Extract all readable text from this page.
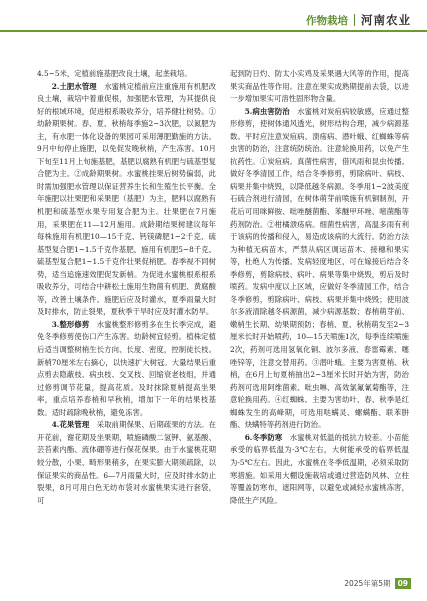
作物栽培 河南农业

4.5~5米，定植前施基肥改良土壤，起垄栽培。

2.土肥水管理　水蜜桃定植前应注重施用有机肥改良土壤，栽培中着重促根，加强肥水管理，为其提供良好的根域环境，促进根系吸收养分，培养健壮树势。①幼龄期果树。春、夏、秋梢每季施2~3次肥，以氮肥为主，有水肥一体化设备的果园可采用薄肥勤施的方法。9月中旬停止施肥，以免促发晚秋梢，产生冻害。10月下旬至11月上旬施基肥，基肥以腐熟有机肥与硫基型复合肥为主。②成龄期果树。水蜜桃挂果后树势偏弱，此时需加强肥水管理以保证营养生长和生殖生长平衡。全年施肥以壮果肥和采果肥（基肥）为主，肥料以腐熟有机肥和硫基型水果专用复合肥为主。壮果肥在7月施用，采果肥在11—12月施用。成龄期结果树建议每年每株施用有机肥10—15千克、钙镁磷肥1~2千克、硫基型复合肥1~1.5千克作基肥，施用有机肥5~8千克、硫基型复合肥1~1.5千克作壮果促梢肥。春季视不同树势，适当追施速效肥促发新梢。为促进水蜜桃根系根系吸收养分，可结合中耕松土施用生物菌有机肥、黄腐酸等，改善土壤条件。施肥后应及时灌水，夏季雨量大时及时排水，防止裂果，夏秋季干旱时应及时灌水防旱。

3.整形修剪　水蜜桃整形修剪多在生长季完成，避免冬季修剪使伤口产生冻害。幼龄树宜轻剪。植株定植后适当调整树梢生长方向、长度、密度，控制徒长枝。新梢70厘米左右摘心，以快速扩大树冠。大量结果后重点剪去隐蔽枝、病虫枝、交叉枝、回缩衰老枝组，并通过修剪调节花量，提高花质。及时抹除夏梢提高坐果率，重点培养春梢和早秋梢，增加下一年的结果枝基数。适时疏除晚秋梢，避免冻害。

4.花果管理　采取前期保果、后期疏果的方法。在开花前，谢花期及坐果期，喷施磷酸二氢钾、氨基酸、芸苔素内酯、流体硼等进行保花保果。由于水蜜桃花期较分散，小果、畸形果稍多，在果实膨大期须疏除，以保证果实的商品性。6—7月雨量大时，应及时排水防止裂果，8月可用白色无纺布袋对水蜜桃果实进行套袋，可

起到防日灼、防太小实鸡及采果遇大风等的作用，提高果实商品性等作用。注意在果实成熟期提前去袋，以进一步增加果实可溶性固形物含量。

5.病虫害防治　水蜜桃对炭疽病较敏感，应通过整形修剪，使树体通风透光，树形结构合理，减少病源基数。平时应注意炭疽病、溃疡病、潜叶蛾、红蜘蛛等病虫害的防治，注意统防统治。注意轮换用药，以免产生抗药性。①炭疽病。真菌性病害，借风雨和昆虫传播。做好冬季清园工作，结合冬季修剪，剪除病叶、病枝、病果并集中烧毁，以降低越冬病源。冬季用1~2波美度石硫合剂进行清园，在树体萌芽前喷施有机铜制剂，开花后可用咪鲜胺、吡唑醚菌酯、苯醚甲环唑、嘧菌酯等药剂防治。②柑橘溃疡病。细菌性病害，高温多雨有利于该病的传播和侵入，易造成该病的大流行。防治方法为种植无病苗木，严禁从病区调运苗木、接穗和果实等，杜绝人为传播。发病轻度地区，可在嫁接后结合冬季修剪，剪除病枝、病叶、病果等集中烧毁，剪后及时喷药。发病中度以上区域，应做好冬季清园工作，结合冬季修剪，剪除病叶、病枝、病果并集中烧毁；使用波尔多液清除越冬病源菌，减少病源基数；春梢萌芽前、嫩梢生长期、幼果期预防；春梢、夏、秋梢萌发至2~3厘米长时开始喷药，10—15天喷施1次，每季连续喷施2次，药剂可选用氢氧化铜、波尔多液、春雷霉素、噻唑锌等，注意交替用药。③潜叶蛾。主要为害夏梢、秋梢，在6月上旬夏梢抽出2~3厘米长时开始为害，防治药剂可选用阿维菌素、吡虫啉、高效氯氟氰菊酯等，注意轮换用药。④红蜘蛛。主要为害幼叶、春、秋季是红蜘蛛发生的高峰期，可选用哒螨灵、螺螨酯、联苯肼酯、炔螨特等药剂进行防治。

6.冬季防寒　水蜜桃对低温的抵抗力较差。小苗能承受的临界低温为-3℃左右，大树能承受的临界低温为-5℃左右。因此，水蜜桃在冬季低温期，必须采取防寒措施。如采用大棚设施栽培或通过营造防风林、立柱等覆盖防寒布，遮阳网等，以避免或减轻水蜜桃冻害，降低生产风险。

2025年第5期 09
